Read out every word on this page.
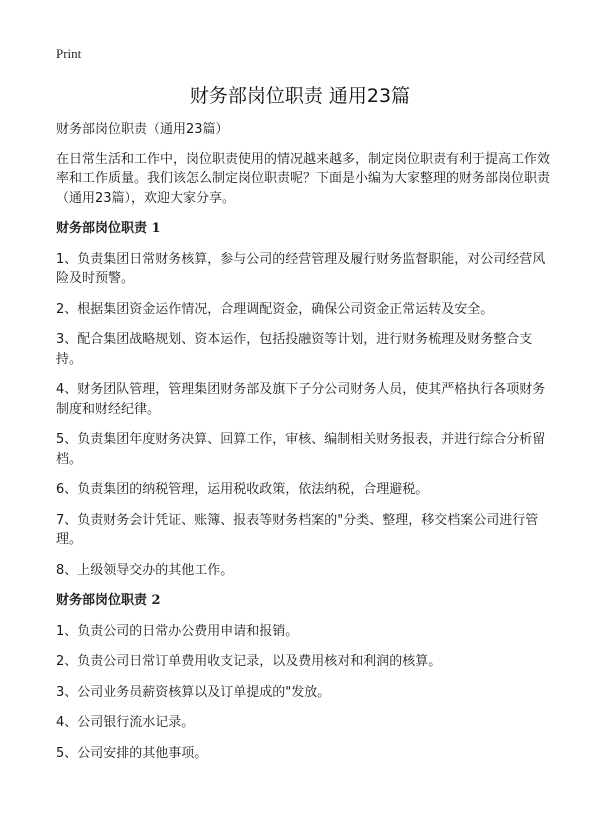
Print
财务部岗位职责 通用23篇

财务部岗位职责（通用23篇）

在日常生活和工作中，岗位职责使用的情况越来越多，制定岗位职责有利于提高工作效率和工作质量。我们该怎么制定岗位职责呢？下面是小编为大家整理的财务部岗位职责（通用23篇），欢迎大家分享。

财务部岗位职责 1

1、负责集团日常财务核算，参与公司的经营管理及履行财务监督职能，对公司经营风险及时预警。

2、根据集团资金运作情况，合理调配资金，确保公司资金正常运转及安全。

3、配合集团战略规划、资本运作，包括投融资等计划，进行财务梳理及财务整合支持。

4、财务团队管理，管理集团财务部及旗下子分公司财务人员，使其严格执行各项财务制度和财经纪律。

5、负责集团年度财务决算、回算工作，审核、编制相关财务报表，并进行综合分析留档。

6、负责集团的纳税管理，运用税收政策，依法纳税，合理避税。

7、负责财务会计凭证、账簿、报表等财务档案的"分类、整理，移交档案公司进行管理。

8、上级领导交办的其他工作。

财务部岗位职责 2

1、负责公司的日常办公费用申请和报销。

2、负责公司日常订单费用收支记录，以及费用核对和利润的核算。

3、公司业务员薪资核算以及订单提成的"发放。

4、公司银行流水记录。

5、公司安排的其他事项。
